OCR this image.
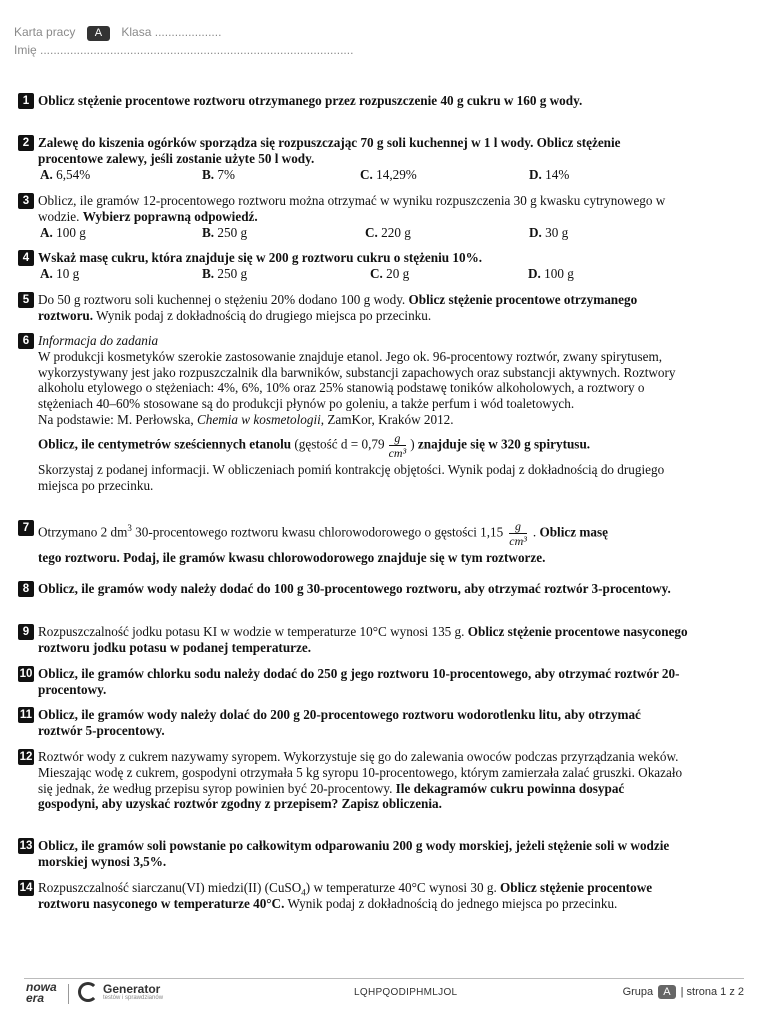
Karta pracy A Klasa ....................
Imię ..............................................................................................
1 Oblicz stężenie procentowe roztworu otrzymanego przez rozpuszczenie 40 g cukru w 160 g wody.
2 Zalewę do kiszenia ogórków sporządza się rozpuszczając 70 g soli kuchennej w 1 l wody. Oblicz stężenie procentowe zalewy, jeśli zostanie użyte 50 l wody.
A. 6,54%	B. 7%	C. 14,29%	D. 14%
3 Oblicz, ile gramów 12-procentowego roztworu można otrzymać w wyniku rozpuszczenia 30 g kwasku cytrynowego w wodzie. Wybierz poprawną odpowiedź.
A. 100 g	B. 250 g	C. 220 g	D. 30 g
4 Wskaż masę cukru, która znajduje się w 200 g roztworu cukru o stężeniu 10%.
A. 10 g	B. 250 g	C. 20 g	D. 100 g
5 Do 50 g roztworu soli kuchennej o stężeniu 20% dodano 100 g wody. Oblicz stężenie procentowe otrzymanego roztworu. Wynik podaj z dokładnością do drugiego miejsca po przecinku.
6 Informacja do zadania
W produkcji kosmetyków szerokie zastosowanie znajduje etanol. Jego ok. 96-procentowy roztwór, zwany spirytusem, wykorzystywany jest jako rozpuszczalnik dla barwników, substancji zapachowych oraz substancji aktywnych. Roztwory alkoholu etylowego o stężeniach: 4%, 6%, 10% oraz 25% stanowią podstawę toników alkoholowych, a roztwory o stężeniach 40–60% stosowane są do produkcji płynów po goleniu, a także perfum i wód toaletowych.
Na podstawie: M. Perłowska, Chemia w kosmetologii, ZamKor, Kraków 2012.
Oblicz, ile centymetrów sześciennych etanolu (gęstość $d = 0,79 \frac{g}{\text{cm³}}$ ) znajduje się w 320 g spirytusu.
Skorzystaj z podanej informacji. W obliczeniach pomiń kontrakcję objętości. Wynik podaj z dokładnością do drugiego miejsca po przecinku.
7 Otrzymano 2 $dm^3$ 30-procentowego roztworu kwasu chlorowodorowego o gęstości $1,15 \frac{g}{\text{cm³}}$ . Oblicz masę
tego roztworu. Podaj, ile gramów kwasu chlorowodorowego znajduje się w tym roztworze.
8 Oblicz, ile gramów wody należy dodać do 100 g 30-procentowego roztworu, aby otrzymać roztwór 3-procentowy.
9 Rozpuszczalność jodku potasu KI w wodzie w temperaturze 10°C wynosi 135 g. Oblicz stężenie procentowe nasyconego roztworu jodku potasu w podanej temperaturze.
10 Oblicz, ile gramów chlorku sodu należy dodać do 250 g jego roztworu 10-procentowego, aby otrzymać roztwór 20-procentowy.
11 Oblicz, ile gramów wody należy dolać do 200 g 20-procentowego roztworu wodorotlenku litu, aby otrzymać roztwór 5-procentowy.
12 Roztwór wody z cukrem nazywamy syropem. Wykorzystuje się go do zalewania owoców podczas przyrządzania weków. Mieszając wodę z cukrem, gospodyni otrzymała 5 kg syropu 10-procentowego, którym zamierzała zalać gruszki. Okazało się jednak, że według przepisu syrop powinien być 20-procentowy. Ile dekagramów cukru powinna dosypać gospodyni, aby uzyskać roztwór zgodny z przepisem? Zapisz obliczenia.
13 Oblicz, ile gramów soli powstanie po całkowitym odparowaniu 200 g wody morskiej, jeżeli stężenie soli w wodzie morskiej wynosi 3,5%.
14 Rozpuszczalność siarczanu(VI) miedzi(II) (CuSO$_4$) w temperaturze 40°C wynosi 30 g. Oblicz stężenie procentowe roztworu nasyconego w temperaturze 40°C. Wynik podaj z dokładnością do jednego miejsca po przecinku.
nowa
era
Generator
testów i sprawdzianów	LQHPQODIPHMLJOL	Grupa A | strona 1 z 2
